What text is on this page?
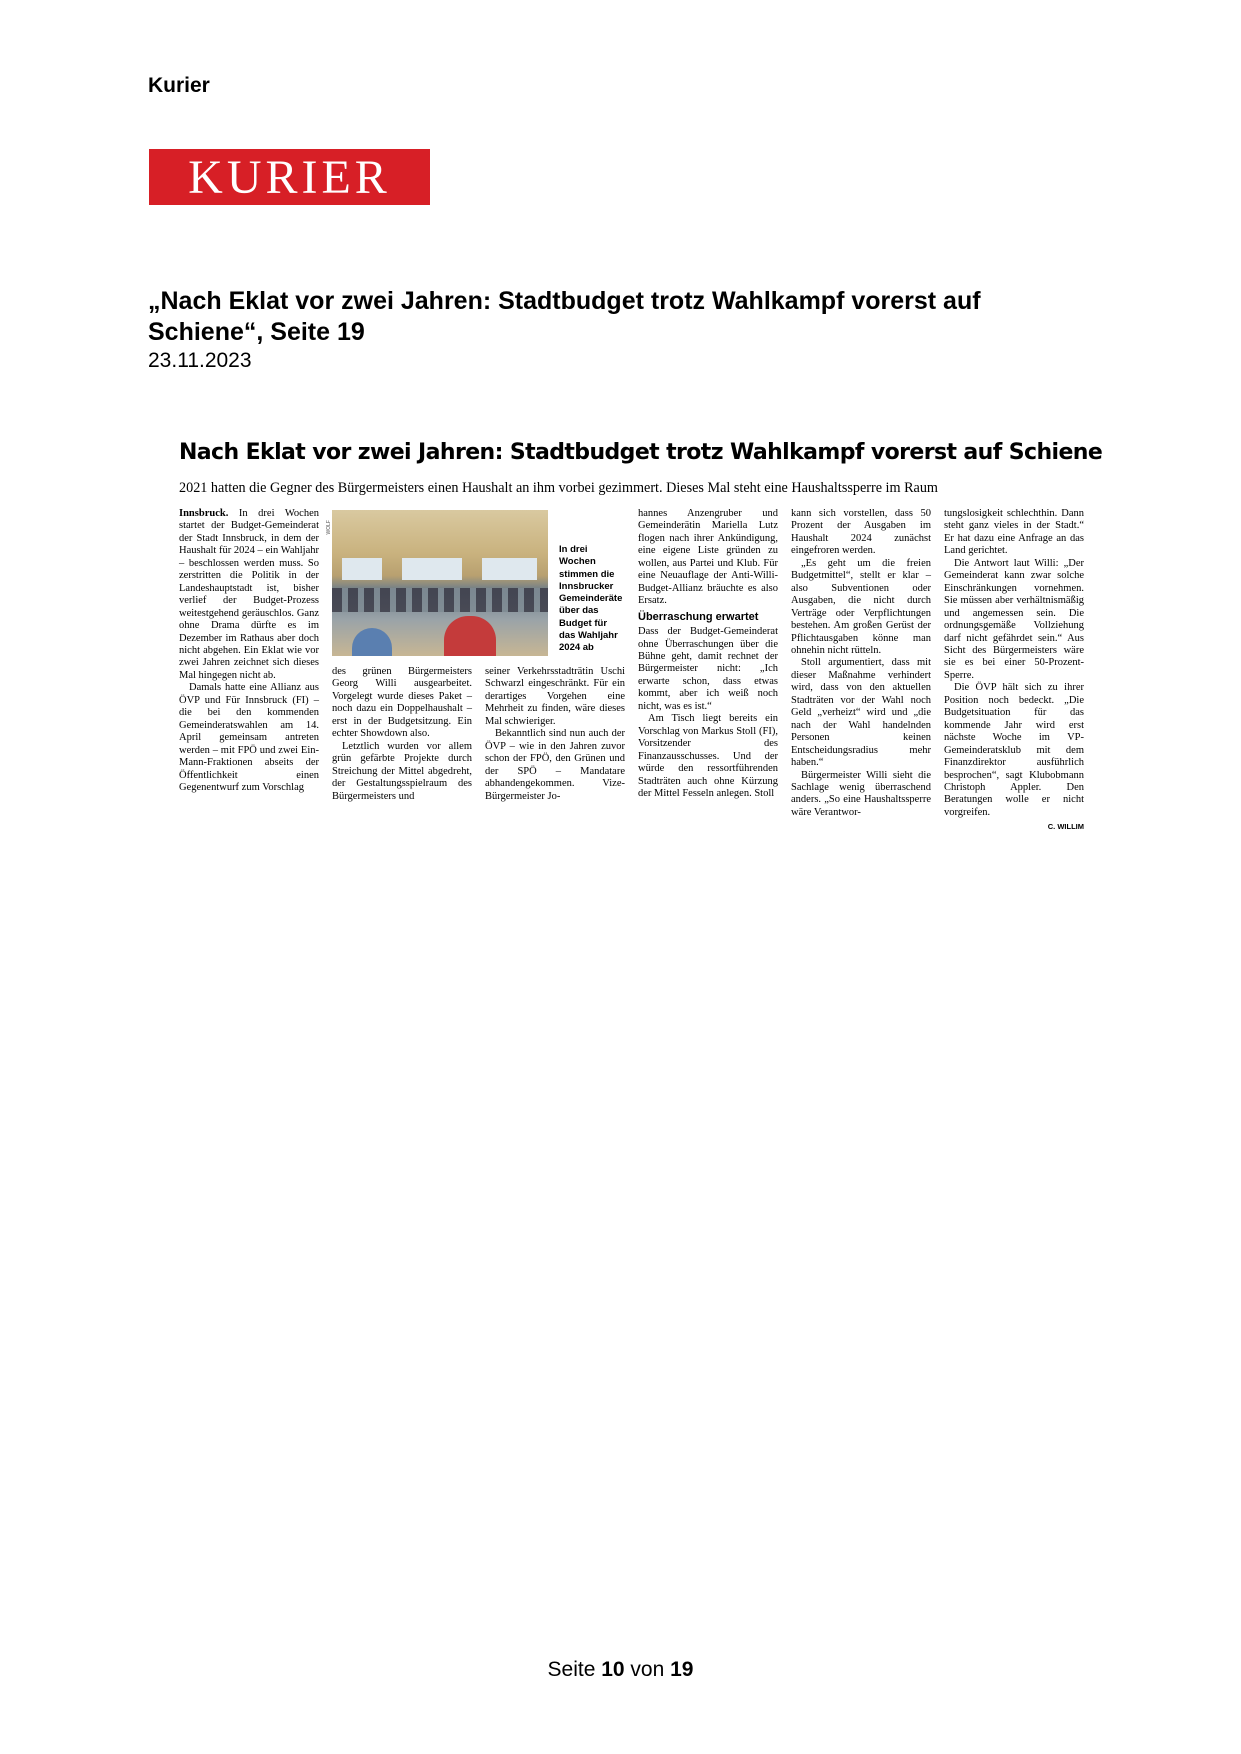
Kurier
KURIER
„Nach Eklat vor zwei Jahren: Stadtbudget trotz Wahlkampf vorerst auf Schiene“, Seite 19
23.11.2023
Nach Eklat vor zwei Jahren: Stadtbudget trotz Wahlkampf vorerst auf Schiene
2021 hatten die Gegner des Bürgermeisters einen Haushalt an ihm vorbei gezimmert. Dieses Mal steht eine Haushaltssperre im Raum

Innsbruck. In drei Wochen startet der Budget-Gemeinderat der Stadt Innsbruck, in dem der Haushalt für 2024 – ein Wahljahr – beschlossen werden muss. So zerstritten die Politik in der Landeshauptstadt ist, bisher verlief der Budget-Prozess weitestgehend geräuschlos. Ganz ohne Drama dürfte es im Dezember im Rathaus aber doch nicht abgehen. Ein Eklat wie vor zwei Jahren zeichnet sich dieses Mal hingegen nicht ab.

Damals hatte eine Allianz aus ÖVP und Für Innsbruck (FI) – die bei den kommenden Gemeinderatswahlen am 14. April gemeinsam antreten werden – mit FPÖ und zwei Ein-Mann-Fraktionen abseits der Öffentlichkeit einen Gegenentwurf zum Vorschlag

WOLF
In drei Wochen stimmen die Innsbrucker Gemeinderäte über das Budget für das Wahljahr 2024 ab

des grünen Bürgermeisters Georg Willi ausgearbeitet. Vorgelegt wurde dieses Paket – noch dazu ein Doppelhaushalt – erst in der Budgetsitzung. Ein echter Showdown also.

Letztlich wurden vor allem grün gefärbte Projekte durch Streichung der Mittel abgedreht, der Gestaltungsspielraum des Bürgermeisters und

seiner Verkehrsstadträtin Uschi Schwarzl eingeschränkt. Für ein derartiges Vorgehen eine Mehrheit zu finden, wäre dieses Mal schwieriger.

Bekanntlich sind nun auch der ÖVP – wie in den Jahren zuvor schon der FPÖ, den Grünen und der SPÖ – Mandatare abhandengekommen. Vize-Bürgermeister Jo-

hannes Anzengruber und Gemeinderätin Mariella Lutz flogen nach ihrer Ankündigung, eine eigene Liste gründen zu wollen, aus Partei und Klub. Für eine Neuauflage der Anti-Willi-Budget-Allianz bräuchte es also Ersatz.

Überraschung erwartet

Dass der Budget-Gemeinderat ohne Überraschungen über die Bühne geht, damit rechnet der Bürgermeister nicht: „Ich erwarte schon, dass etwas kommt, aber ich weiß noch nicht, was es ist.“

Am Tisch liegt bereits ein Vorschlag von Markus Stoll (FI), Vorsitzender des Finanzausschusses. Und der würde den ressortführenden Stadträten auch ohne Kürzung der Mittel Fesseln anlegen. Stoll

kann sich vorstellen, dass 50 Prozent der Ausgaben im Haushalt 2024 zunächst eingefroren werden.

„Es geht um die freien Budgetmittel“, stellt er klar – also Subventionen oder Ausgaben, die nicht durch Verträge oder Verpflichtungen bestehen. Am großen Gerüst der Pflichtausgaben könne man ohnehin nicht rütteln.

Stoll argumentiert, dass mit dieser Maßnahme verhindert wird, dass von den aktuellen Stadträten vor der Wahl noch Geld „verheizt“ wird und „die nach der Wahl handelnden Personen keinen Entscheidungsradius mehr haben.“

Bürgermeister Willi sieht die Sachlage wenig überraschend anders. „So eine Haushaltssperre wäre Verantwor-

tungslosigkeit schlechthin. Dann steht ganz vieles in der Stadt.“ Er hat dazu eine Anfrage an das Land gerichtet.

Die Antwort laut Willi: „Der Gemeinderat kann zwar solche Einschränkungen vornehmen. Sie müssen aber verhältnismäßig und angemessen sein. Die ordnungsgemäße Vollziehung darf nicht gefährdet sein.“ Aus Sicht des Bürgermeisters wäre sie es bei einer 50-Prozent-Sperre.

Die ÖVP hält sich zu ihrer Position noch bedeckt. „Die Budgetsituation für das kommende Jahr wird erst nächste Woche im VP-Gemeinderatsklub mit dem Finanzdirektor ausführlich besprochen“, sagt Klubobmann Christoph Appler. Den Beratungen wolle er nicht vorgreifen.

C. WILLIM
Seite 10 von 19
